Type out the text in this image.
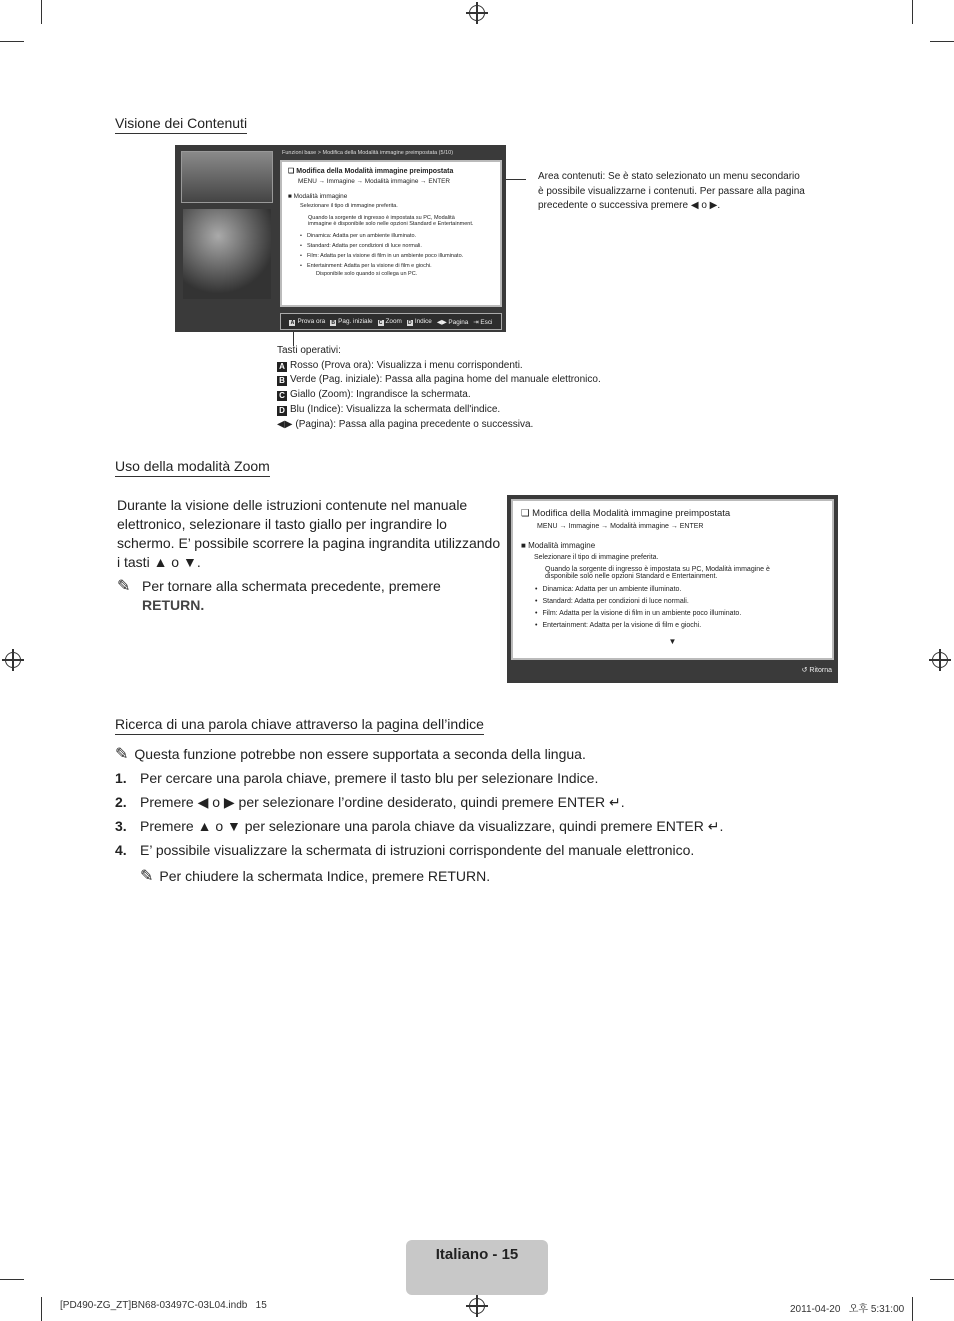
Visione dei Contenuti
Funzioni base > Modifica della Modalità immagine preimpostata (5/10)
❑ Modifica della Modalità immagine preimpostata
MENU → Immagine → Modalità immagine → ENTER
■ Modalità immagine
Selezionare il tipo di immagine preferita.
Quando la sorgente di ingresso è impostata su PC, Modalità immagine è disponibile solo nelle opzioni Standard e Entertainment.
• Dinamica: Adatta per un ambiente illuminato.
• Standard: Adatta per condizioni di luce normali.
• Film: Adatta per la visione di film in un ambiente poco illuminato.
• Entertainment: Adatta per la visione di film e giochi.
Disponibile solo quando si collega un PC.
A Prova ora B Pag. iniziale C Zoom D Indice ◀▶ Pagina ⇥ Esci
Area contenuti: Se è stato selezionato un menu secondario
è possibile visualizzarne i contenuti. Per passare alla pagina
precedente o successiva premere ◀ o ▶.
Tasti operativi:
A Rosso (Prova ora): Visualizza i menu corrispondenti.
B Verde (Pag. iniziale): Passa alla pagina home del manuale elettronico.
C Giallo (Zoom): Ingrandisce la schermata.
D Blu (Indice): Visualizza la schermata dell'indice.
◀▶ (Pagina): Passa alla pagina precedente o successiva.
Uso della modalità Zoom
Durante la visione delle istruzioni contenute nel manuale
elettronico, selezionare il tasto giallo per ingrandire lo
schermo. E’ possibile scorrere la pagina ingrandita utilizzando
i tasti ▲ o ▼.
✎ Per tornare alla schermata precedente, premere
RETURN.
❑ Modifica della Modalità immagine preimpostata
MENU → Immagine → Modalità immagine → ENTER
■ Modalità immagine
Selezionare il tipo di immagine preferita.
Quando la sorgente di ingresso è impostata su PC, Modalità immagine è
disponibile solo nelle opzioni Standard e Entertainment.
• Dinamica: Adatta per un ambiente illuminato.
• Standard: Adatta per condizioni di luce normali.
• Film: Adatta per la visione di film in un ambiente poco illuminato.
• Entertainment: Adatta per la visione di film e giochi.
▼
↺ Ritorna
Ricerca di una parola chiave attraverso la pagina dell’indice
✎ Questa funzione potrebbe non essere supportata a seconda della lingua.
1. Per cercare una parola chiave, premere il tasto blu per selezionare Indice.
2. Premere ◀ o ▶ per selezionare l’ordine desiderato, quindi premere ENTER ↵.
3. Premere ▲ o ▼ per selezionare una parola chiave da visualizzare, quindi premere ENTER ↵.
4. E’ possibile visualizzare la schermata di istruzioni corrispondente del manuale elettronico.
✎ Per chiudere la schermata Indice, premere RETURN.
Italiano - 15
[PD490-ZG_ZT]BN68-03497C-03L04.indb   15	2011-04-20   오후 5:31:00
